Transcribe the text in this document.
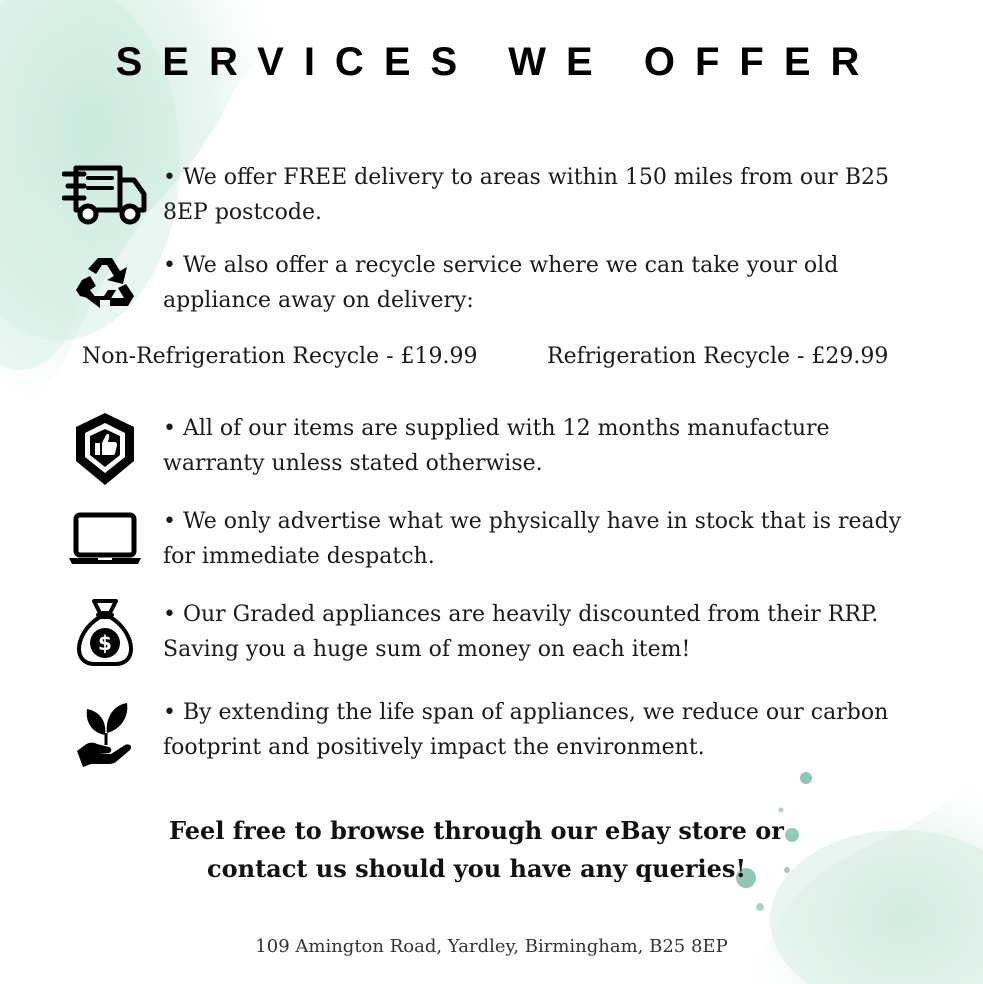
SERVICES WE OFFER

• We offer FREE delivery to areas within 150 miles from our B25 8EP postcode.

• We also offer a recycle service where we can take your old appliance away on delivery:

Non-Refrigeration Recycle - £19.99	Refrigeration Recycle - £29.99

• All of our items are supplied with 12 months manufacture warranty unless stated otherwise.

• We only advertise what we physically have in stock that is ready for immediate despatch.

$

• Our Graded appliances are heavily discounted from their RRP. Saving you a huge sum of money on each item!

• By extending the life span of appliances, we reduce our carbon footprint and positively impact the environment.

Feel free to browse through our eBay store or
contact us should you have any queries!
109 Amington Road, Yardley, Birmingham, B25 8EP
